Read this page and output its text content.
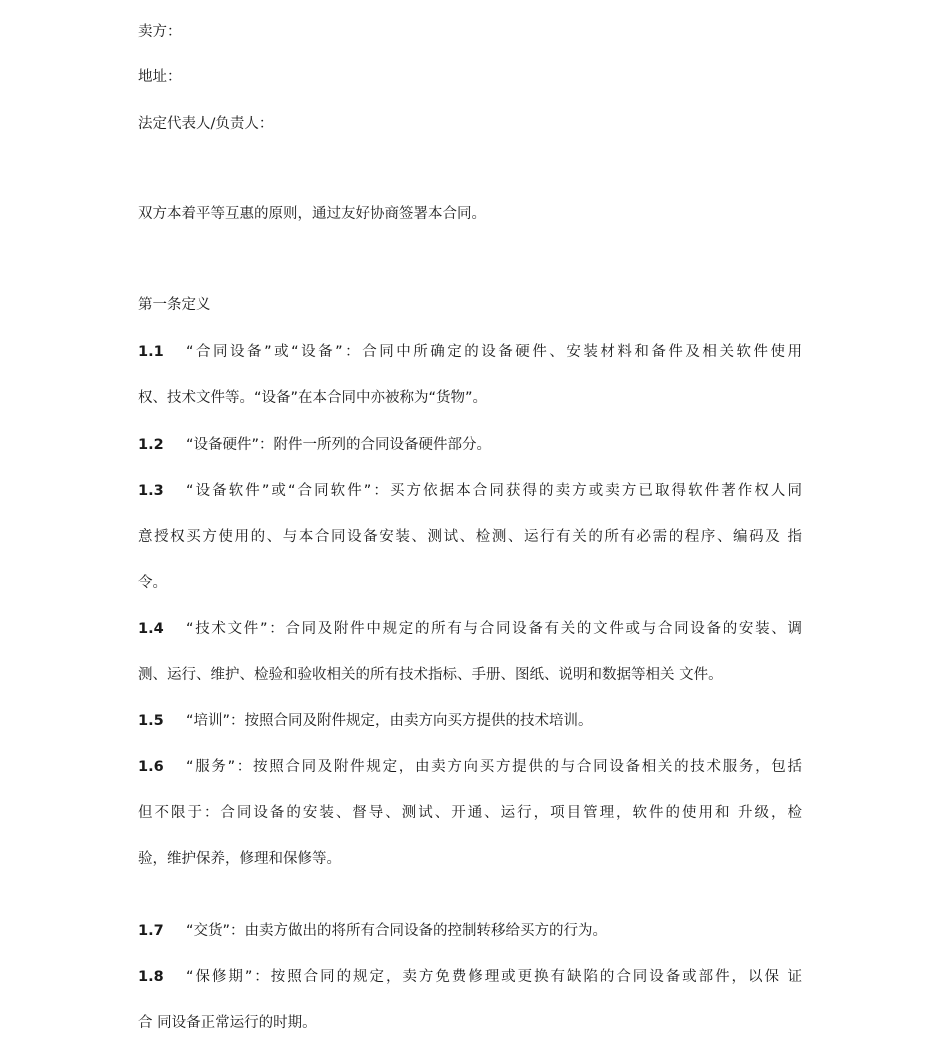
卖方：

地址：

法定代表人/负责人：

双方本着平等互惠的原则，通过友好协商签署本合同。

第一条定义

1.1 “合同设备”或“设备”：合同中所确定的设备硬件、安装材料和备件及相关软件使用

权、技术文件等。“设备”在本合同中亦被称为“货物”。

1.2 “设备硬件”：附件一所列的合同设备硬件部分。

1.3 “设备软件”或“合同软件”：买方依据本合同获得的卖方或卖方已取得软件著作权人同

意授权买方使用的、与本合同设备安装、测试、检测、运行有关的所有必需的程序、编码及 指

令。

1.4 “技术文件”：合同及附件中规定的所有与合同设备有关的文件或与合同设备的安装、调

测、运行、维护、检验和验收相关的所有技术指标、手册、图纸、说明和数据等相关 文件。

1.5 “培训”：按照合同及附件规定，由卖方向买方提供的技术培训。

1.6 “服务”：按照合同及附件规定，由卖方向买方提供的与合同设备相关的技术服务，包括

但不限于：合同设备的安装、督导、测试、开通、运行，项目管理，软件的使用和 升级，检

验，维护保养，修理和保修等。

1.7 “交货”：由卖方做出的将所有合同设备的控制转移给买方的行为。

1.8 “保修期”：按照合同的规定，卖方免费修理或更换有缺陷的合同设备或部件，以保 证

合 同设备正常运行的时期。
